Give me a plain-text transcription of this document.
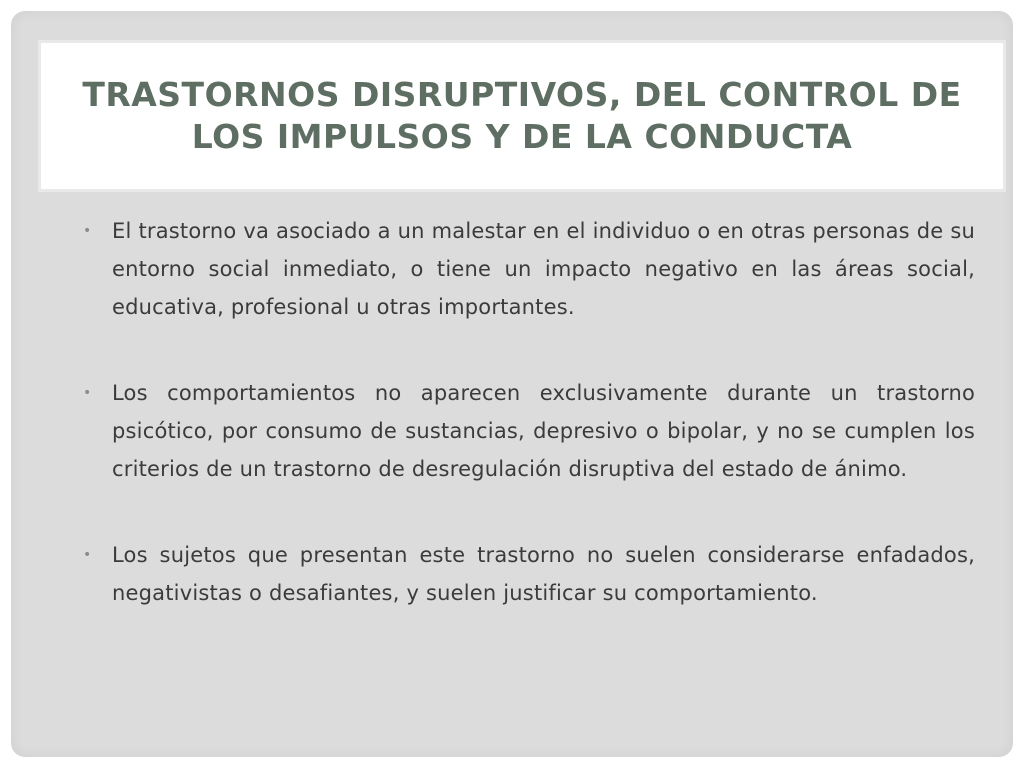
TRASTORNOS DISRUPTIVOS, DEL CONTROL DE LOS IMPULSOS Y DE LA CONDUCTA
• El trastorno va asociado a un malestar en el individuo o en otras personas de su entorno social inmediato, o tiene un impacto negativo en las áreas social, educativa, profesional u otras importantes.

• Los comportamientos no aparecen exclusivamente durante un trastorno psicótico, por consumo de sustancias, depresivo o bipolar, y no se cumplen los criterios de un trastorno de desregulación disruptiva del estado de ánimo.

• Los sujetos que presentan este trastorno no suelen considerarse enfadados, negativistas o desafiantes, y suelen justificar su comportamiento.
